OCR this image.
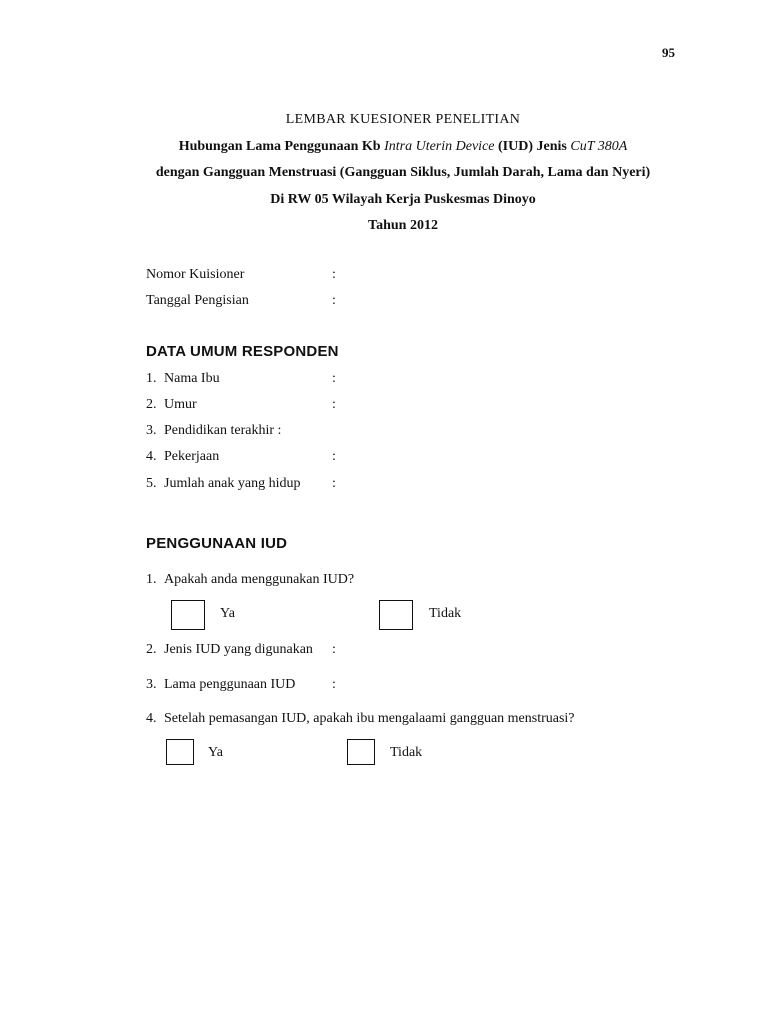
95
LEMBAR KUESIONER PENELITIAN
Hubungan Lama Penggunaan Kb Intra Uterin Device (IUD) Jenis CuT 380A
dengan Gangguan Menstruasi (Gangguan Siklus, Jumlah Darah, Lama dan Nyeri)
Di RW 05 Wilayah Kerja Puskesmas Dinoyo
Tahun 2012
Nomor Kuisioner	:
Tanggal Pengisian	:
DATA UMUM RESPONDEN
1. Nama Ibu	:
2. Umur	:
3. Pendidikan terakhir :
4. Pekerjaan	:
5. Jumlah anak yang hidup :
PENGGUNAAN IUD
1. Apakah anda menggunakan IUD?
Ya	Tidak
2. Jenis IUD yang digunakan :
3. Lama penggunaan IUD	:
4. Setelah pemasangan IUD, apakah ibu mengalaami gangguan menstruasi?
Ya	Tidak
